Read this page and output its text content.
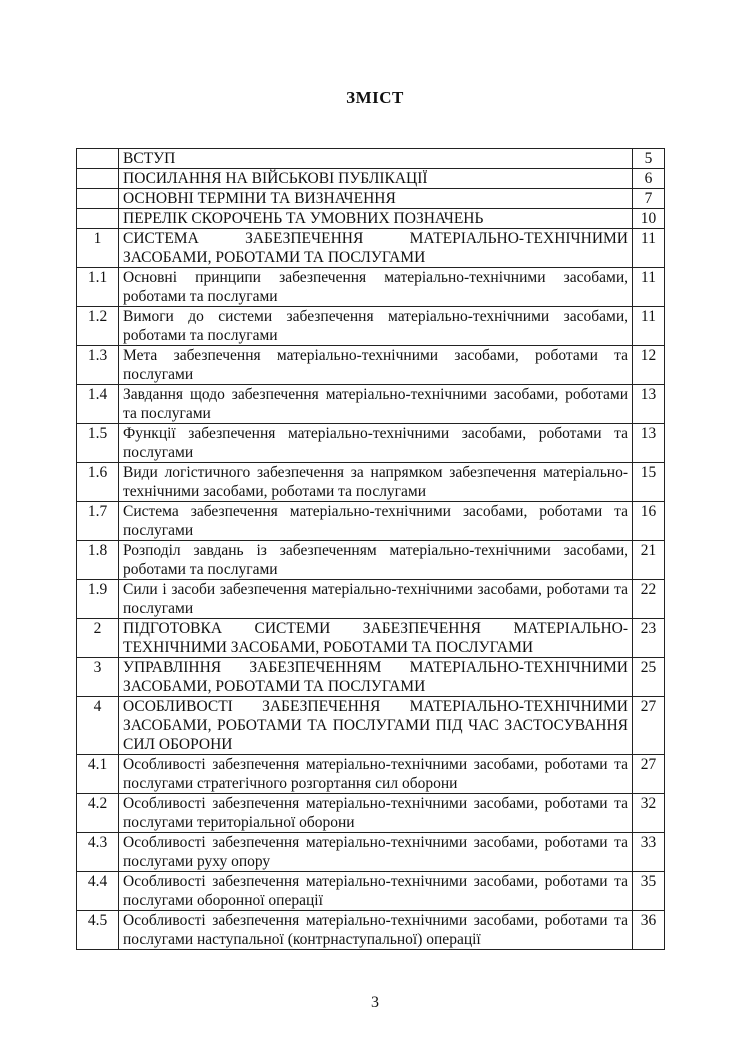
ЗМІСТ
	ВСТУП	5
	ПОСИЛАННЯ НА ВІЙСЬКОВІ ПУБЛІКАЦІЇ	6
	ОСНОВНІ ТЕРМІНИ ТА ВИЗНАЧЕННЯ	7
	ПЕРЕЛІК СКОРОЧЕНЬ ТА УМОВНИХ ПОЗНАЧЕНЬ	10
1	СИСТЕМА ЗАБЕЗПЕЧЕННЯ МАТЕРІАЛЬНО-ТЕХНІЧНИМИ ЗАСОБАМИ, РОБОТАМИ ТА ПОСЛУГАМИ	11
1.1	Основні принципи забезпечення матеріально-технічними засобами, роботами та послугами	11
1.2	Вимоги до системи забезпечення матеріально-технічними засобами, роботами та послугами	11
1.3	Мета забезпечення матеріально-технічними засобами, роботами та послугами	12
1.4	Завдання щодо забезпечення матеріально-технічними засобами, роботами та послугами	13
1.5	Функції забезпечення матеріально-технічними засобами, роботами та послугами	13
1.6	Види логістичного забезпечення за напрямком забезпечення матеріально-технічними засобами, роботами та послугами	15
1.7	Система забезпечення матеріально-технічними засобами, роботами та послугами	16
1.8	Розподіл завдань із забезпеченням матеріально-технічними засобами, роботами та послугами	21
1.9	Сили і засоби забезпечення матеріально-технічними засобами, роботами та послугами	22
2	ПІДГОТОВКА СИСТЕМИ ЗАБЕЗПЕЧЕННЯ МАТЕРІАЛЬНО-ТЕХНІЧНИМИ ЗАСОБАМИ, РОБОТАМИ ТА ПОСЛУГАМИ	23
3	УПРАВЛІННЯ ЗАБЕЗПЕЧЕННЯМ МАТЕРІАЛЬНО-ТЕХНІЧНИМИ ЗАСОБАМИ, РОБОТАМИ ТА ПОСЛУГАМИ	25
4	ОСОБЛИВОСТІ ЗАБЕЗПЕЧЕННЯ МАТЕРІАЛЬНО-ТЕХНІЧНИМИ ЗАСОБАМИ, РОБОТАМИ ТА ПОСЛУГАМИ ПІД ЧАС ЗАСТОСУВАННЯ СИЛ ОБОРОНИ	27
4.1	Особливості забезпечення матеріально-технічними засобами, роботами та послугами стратегічного розгортання сил оборони	27
4.2	Особливості забезпечення матеріально-технічними засобами, роботами та послугами територіальної оборони	32
4.3	Особливості забезпечення матеріально-технічними засобами, роботами та послугами руху опору	33
4.4	Особливості забезпечення матеріально-технічними засобами, роботами та послугами оборонної операції	35
4.5	Особливості забезпечення матеріально-технічними засобами, роботами та послугами наступальної (контрнаступальної) операції	36
3
